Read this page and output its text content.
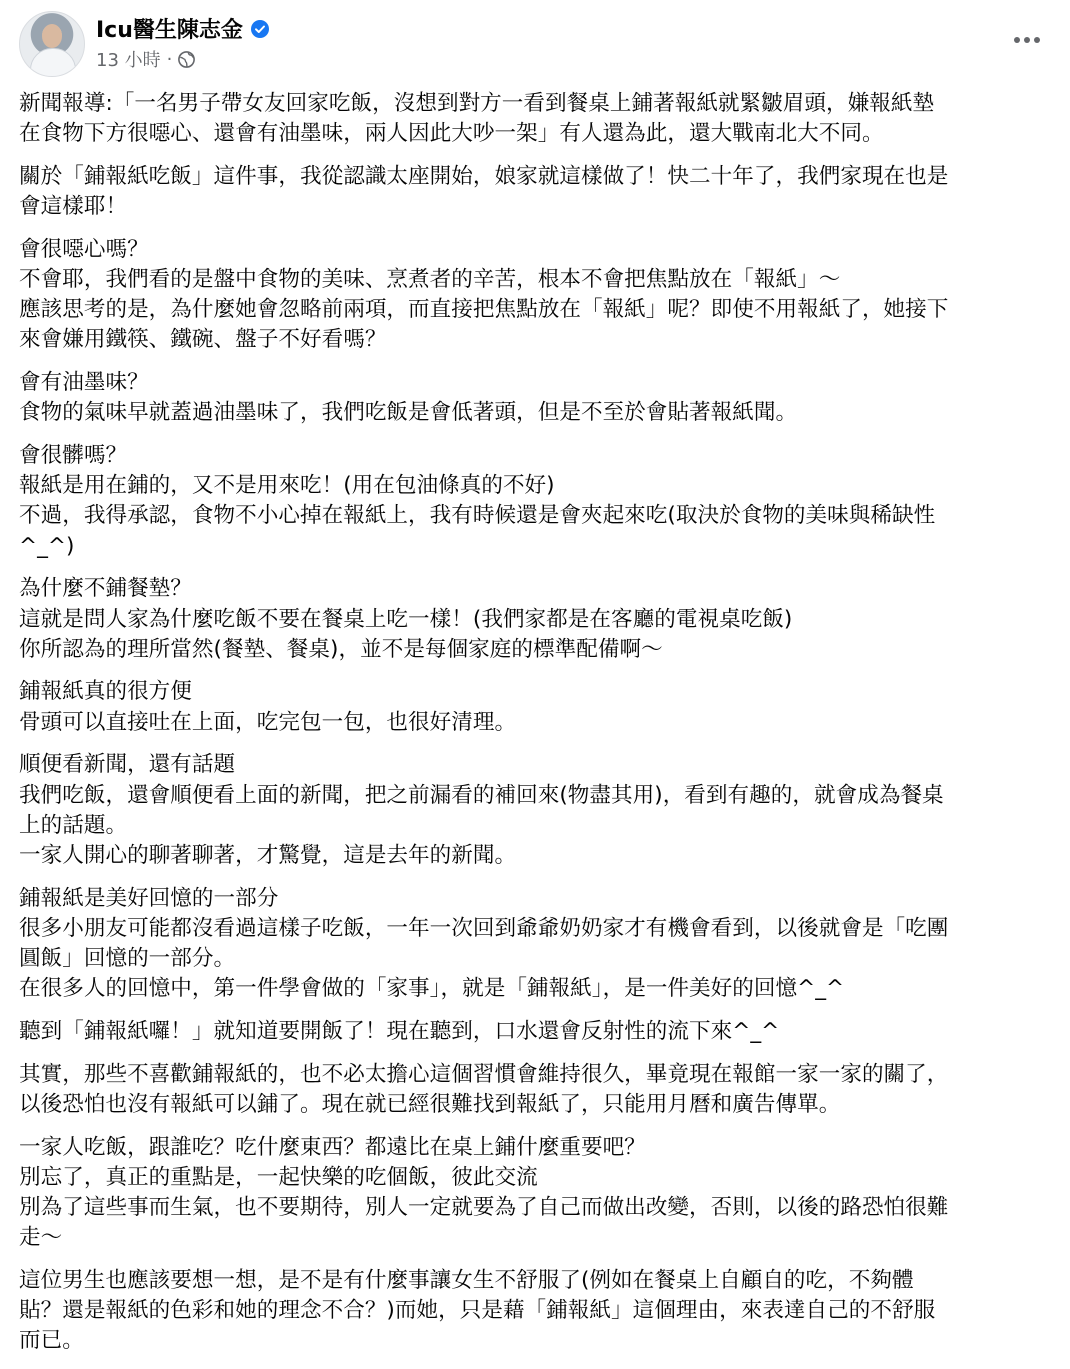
Icu醫生陳志金
13 小時 ·

新聞報導:「一名男子帶女友回家吃飯，沒想到對方一看到餐桌上鋪著報紙就緊皺眉頭，嫌報紙墊
在食物下方很噁心、還會有油墨味，兩人因此大吵一架」有人還為此，還大戰南北大不同。

關於「鋪報紙吃飯」這件事，我從認識太座開始，娘家就這樣做了！快二十年了，我們家現在也是
會這樣耶！

會很噁心嗎？
不會耶，我們看的是盤中食物的美味、烹煮者的辛苦，根本不會把焦點放在「報紙」～
應該思考的是，為什麼她會忽略前兩項，而直接把焦點放在「報紙」呢？即使不用報紙了，她接下
來會嫌用鐵筷、鐵碗、盤子不好看嗎？

會有油墨味？
食物的氣味早就蓋過油墨味了，我們吃飯是會低著頭，但是不至於會貼著報紙聞。

會很髒嗎？
報紙是用在鋪的，又不是用來吃！(用在包油條真的不好)
不過，我得承認，食物不小心掉在報紙上，我有時候還是會夾起來吃(取決於食物的美味與稀缺性
^_^)

為什麼不鋪餐墊？
這就是問人家為什麼吃飯不要在餐桌上吃一樣！(我們家都是在客廳的電視桌吃飯)
你所認為的理所當然(餐墊、餐桌)，並不是每個家庭的標準配備啊～

鋪報紙真的很方便
骨頭可以直接吐在上面，吃完包一包，也很好清理。

順便看新聞，還有話題
我們吃飯，還會順便看上面的新聞，把之前漏看的補回來(物盡其用)，看到有趣的，就會成為餐桌
上的話題。
一家人開心的聊著聊著，才驚覺，這是去年的新聞。

鋪報紙是美好回憶的一部分
很多小朋友可能都沒看過這樣子吃飯，一年一次回到爺爺奶奶家才有機會看到，以後就會是「吃團
圓飯」回憶的一部分。
在很多人的回憶中，第一件學會做的「家事」，就是「鋪報紙」，是一件美好的回憶^_^

聽到「鋪報紙囉！」就知道要開飯了！現在聽到，口水還會反射性的流下來^_^

其實，那些不喜歡鋪報紙的，也不必太擔心這個習慣會維持很久，畢竟現在報館一家一家的關了，
以後恐怕也沒有報紙可以鋪了。現在就已經很難找到報紙了，只能用月曆和廣告傳單。

一家人吃飯，跟誰吃？吃什麼東西？都遠比在桌上鋪什麼重要吧？
別忘了，真正的重點是，一起快樂的吃個飯，彼此交流
別為了這些事而生氣，也不要期待，別人一定就要為了自己而做出改變，否則，以後的路恐怕很難
走～

這位男生也應該要想一想，是不是有什麼事讓女生不舒服了(例如在餐桌上自顧自的吃，不夠體
貼？還是報紙的色彩和她的理念不合？)而她，只是藉「鋪報紙」這個理由，來表達自己的不舒服
而已。
